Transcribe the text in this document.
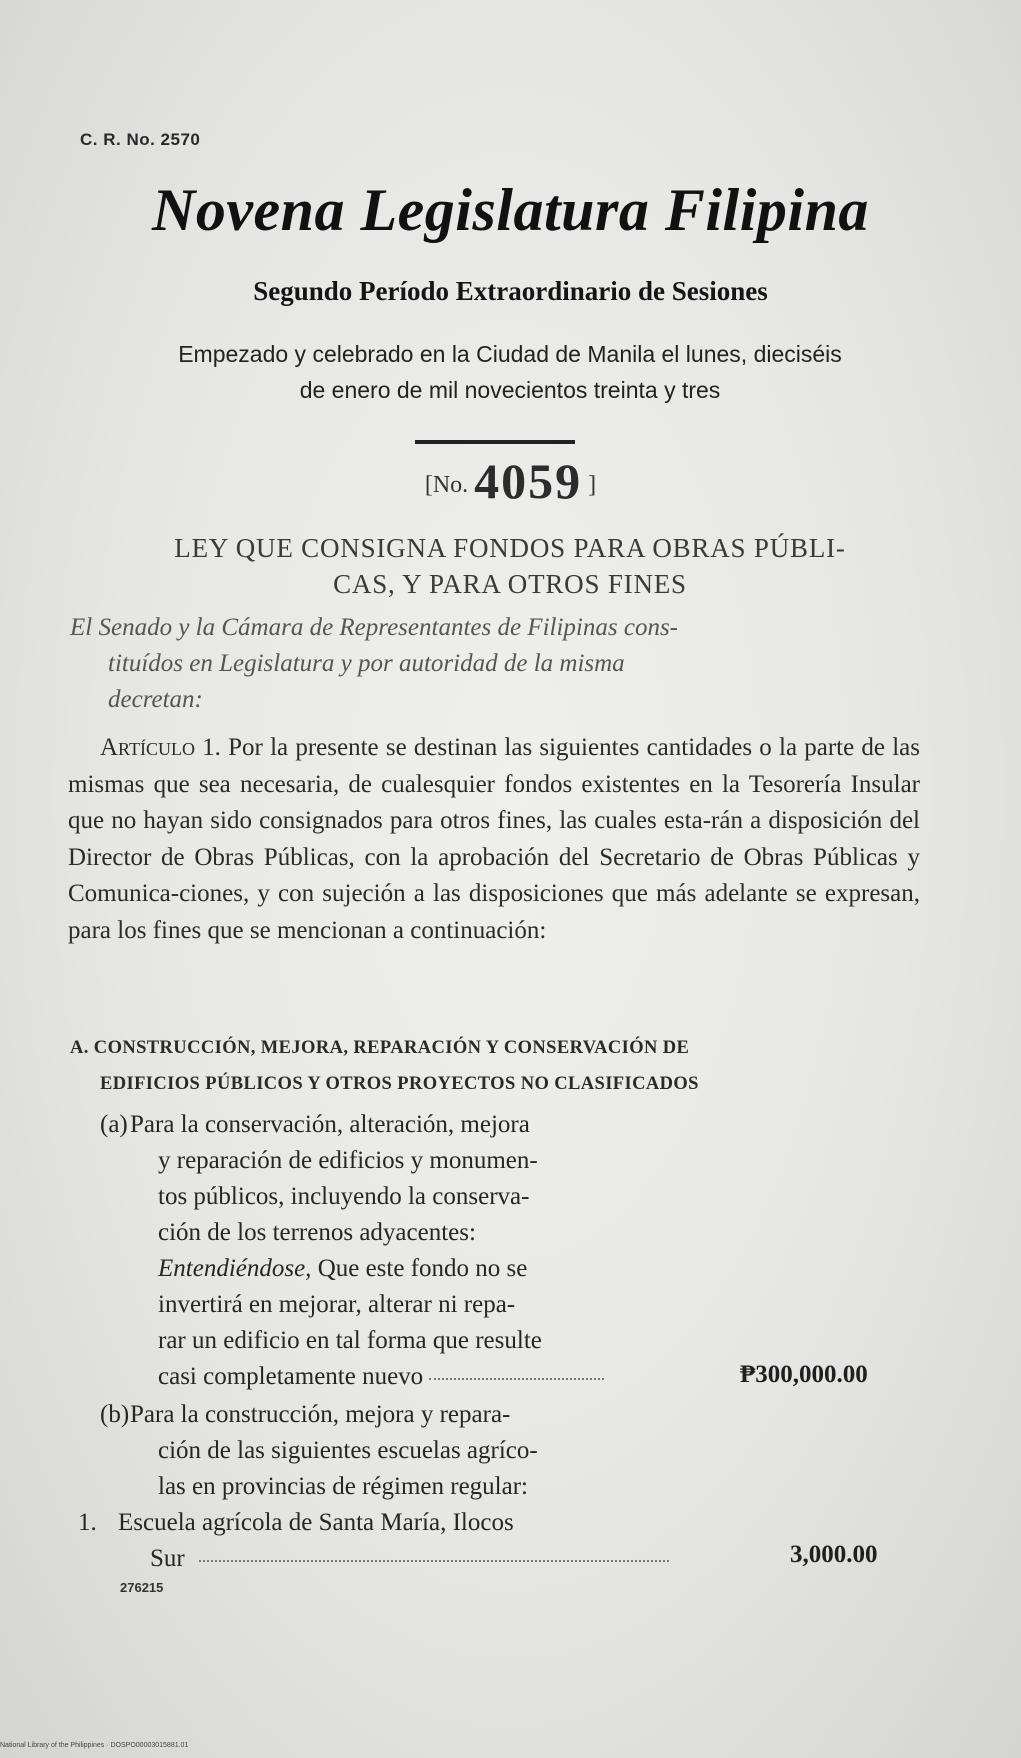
C. R. No. 2570
Novena Legislatura Filipina
Segundo Período Extraordinario de Sesiones
Empezado y celebrado en la Ciudad de Manila el lunes, dieciséis
de enero de mil novecientos treinta y tres
[No. 4059 ]
LEY QUE CONSIGNA FONDOS PARA OBRAS PÚBLI-
CAS, Y PARA OTROS FINES
El Senado y la Cámara de Representantes de Filipinas cons-
tituídos en Legislatura y por autoridad de la misma
decretan:
Artículo 1. Por la presente se destinan las siguientes cantidades o la parte de las mismas que sea necesaria, de cualesquier fondos existentes en la Tesorería Insular que no hayan sido consignados para otros fines, las cuales esta-rán a disposición del Director de Obras Públicas, con la aprobación del Secretario de Obras Públicas y Comunica-ciones, y con sujeción a las disposiciones que más adelante se expresan, para los fines que se mencionan a continuación:
A. CONSTRUCCIÓN, MEJORA, REPARACIÓN Y CONSERVACIÓN DE
EDIFICIOS PÚBLICOS Y OTROS PROYECTOS NO CLASIFICADOS
(a) Para la conservación, alteración, mejora
y reparación de edificios y monumen-
tos públicos, incluyendo la conserva-
ción de los terrenos adyacentes:
Entendiéndose, Que este fondo no se
invertirá en mejorar, alterar ni repa-
rar un edificio en tal forma que resulte
casi completamente nuevo	₱300,000.00
(b) Para la construcción, mejora y repara-
ción de las siguientes escuelas agríco-
las en provincias de régimen regular:
1. Escuela agrícola de Santa María, Ilocos
Sur	3,000.00
276215
National Library of the Philippines · DOSPO00003015881.01
